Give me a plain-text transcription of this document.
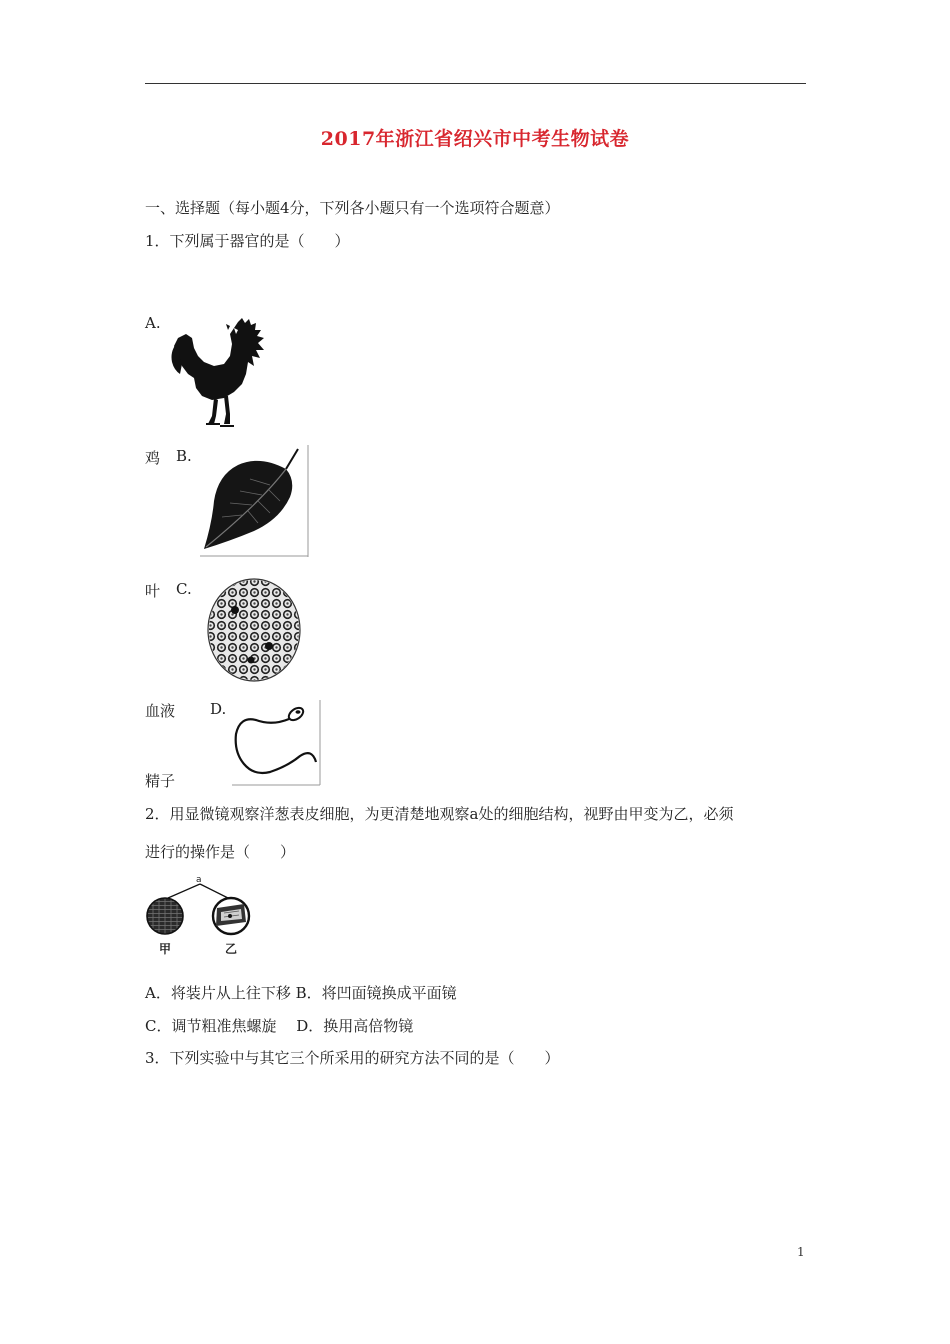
2017年浙江省绍兴市中考生物试卷
一、选择题（每小题4分，下列各小题只有一个选项符合题意）
1．下列属于器官的是（　　）
A.
鸡 B.
叶 C.
血液 D.
精子
2．用显微镜观察洋葱表皮细胞，为更清楚地观察a处的细胞结构，视野由甲变为乙，必须
进行的操作是（　　）
a
甲	乙
A．将装片从上往下移 B．将凹面镜换成平面镜
C．调节粗准焦螺旋　 D．换用高倍物镜
3．下列实验中与其它三个所采用的研究方法不同的是（　　）
1
